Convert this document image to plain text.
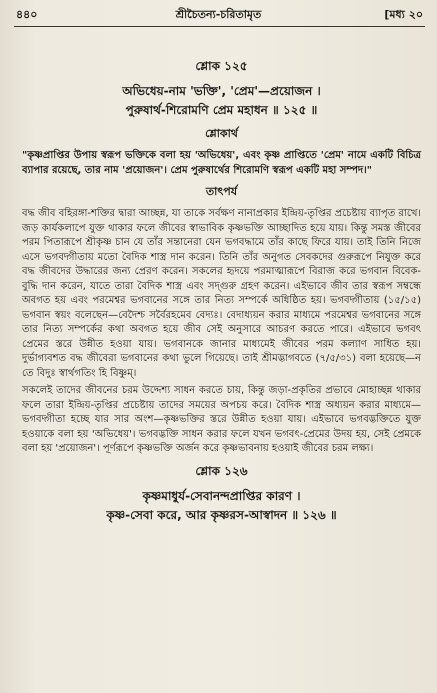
৪৪০	শ্রীচৈতন্য-চরিতামৃত	[মধ্য ২০
শ্লোক ১২৫
অভিধেয়-নাম 'ভক্তি', 'প্রেম'—প্রয়োজন ।
পুরুষার্থ-শিরোমণি প্রেম মহাধন ॥ ১২৫ ॥
শ্লোকার্থ

"কৃষ্ণপ্রাপ্তির উপায় স্বরূপ ভক্তিকে বলা হয় 'অভিধেয়', এবং কৃষ্ণ প্রাপ্তিতে 'প্রেম' নামে একটি বিচিত্র ব্যাপার রয়েছে, তার নাম 'প্রয়োজন'। প্রেম পুরুষার্থের শিরোমণি স্বরূপ একটি মহা সম্পদ।"

তাৎপর্য

বদ্ধ জীব বহিরঙ্গা-শক্তির দ্বারা আচ্ছন্ন, যা তাকে সর্বক্ষণ নানাপ্রকার ইন্দ্রিয়-তৃপ্তির প্রচেষ্টায় ব্যাপৃত রাখে। জড় কার্যকলাপে যুক্ত থাকার ফলে জীবের স্বাভাবিক কৃষ্ণভক্তি আচ্ছাদিত হয়ে যায়। কিন্তু সমস্ত জীবের পরম পিতারূপে শ্রীকৃষ্ণ চান যে তাঁর সন্তানেরা যেন ভগবদ্ধামে তাঁর কাছে ফিরে যায়। তাই তিনি নিজে এসে ভগবদ্গীতায় মতো বৈদিক শাস্ত্র দান করেন। তিনি তাঁর অনুগত সেবকদের গুরুরূপে নিযুক্ত করে বদ্ধ জীবদের উদ্ধারের জন্য প্রেরণ করেন। সকলের হৃদয়ে পরমাত্মারূপে বিরাজ করে ভগবান বিবেক-বুদ্ধি দান করেন, যাতে তারা বৈদিক শাস্ত্র এবং সদ্গুরু গ্রহণ করেন। এইভাবে জীব তার স্বরূপ সম্বন্ধে অবগত হয় এবং পরমেশ্বর ভগবানের সঙ্গে তার নিত্য সম্পর্কে অধিষ্ঠিত হয়। ভগবদ্গীতায় (১৫/১৫) ভগবান স্বয়ং বলেছেন—বেদৈশ্চ সর্বৈরহমেব বেদ্যঃ। বেদাধ্যয়ন করার মাধ্যমে পরমেশ্বর ভগবানের সঙ্গে তার নিত্য সম্পর্কের কথা অবগত হয়ে জীব সেই অনুসারে আচরণ করতে পারে। এইভাবে ভগবৎ প্রেমের স্তরে উন্নীত হওয়া যায়। ভগবানকে জানার মাধ্যমেই জীবের পরম কল্যাণ সাধিত হয়। দুর্ভাগ্যবশত বদ্ধ জীবেরা ভগবানের কথা ভুলে গিয়েছে। তাই শ্রীমদ্ভাগবতে (৭/৫/৩১) বলা হয়েছে—ন তে বিদুঃ স্বার্থগতিং হি বিষ্ণুম্।

সকলেই তাদের জীবনের চরম উদ্দেশ্য সাধন করতে চায়, কিন্তু জড়া-প্রকৃতির প্রভাবে মোহাচ্ছন্ন থাকার ফলে তারা ইন্দ্রিয়-তৃপ্তির প্রচেষ্টায় তাদের সময়ের অপচয় করে। বৈদিক শাস্ত্র অধ্যয়ন করার মাধ্যমে—ভগবদ্গীতা হচ্ছে যার সার অংশ—কৃষ্ণভক্তির স্তরে উন্নীত হওয়া যায়। এইভাবে ভগবদ্ভক্তিতে যুক্ত হওয়াকে বলা হয় 'অভিধেয়'। ভগবদ্ভক্তি সাধন করার ফলে যখন ভগবৎ-প্রেমের উদয় হয়, সেই প্রেমকে বলা হয় 'প্রয়োজন'। পূর্ণরূপে কৃষ্ণভক্তি অর্জন করে কৃষ্ণভাবনায় হওয়াই জীবের চরম লক্ষ্য।

শ্লোক ১২৬
কৃষ্ণমাধুর্য-সেবানন্দপ্রাপ্তির কারণ ।
কৃষ্ণ-সেবা করে, আর কৃষ্ণরস-আস্বাদন ॥ ১২৬ ॥
